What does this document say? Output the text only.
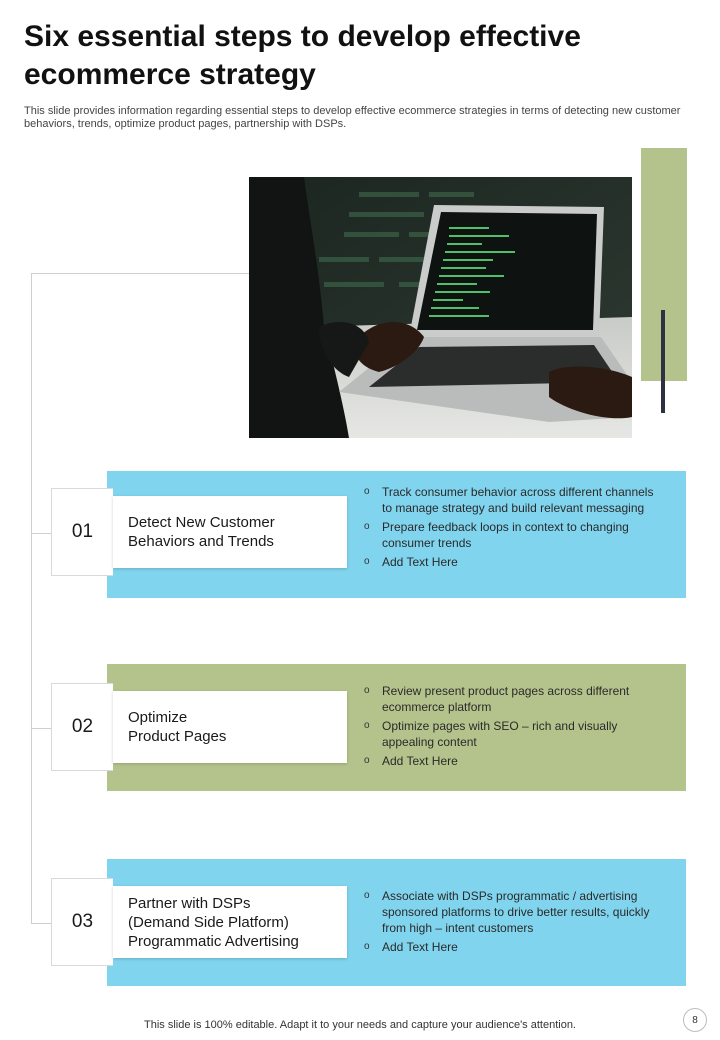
Six essential steps to develop effective ecommerce strategy
This slide provides information regarding essential steps to develop effective ecommerce strategies in terms of detecting new customer behaviors, trends, optimize product pages, partnership with DSPs.
01	Detect New Customer
Behaviors and Trends
o Track consumer behavior across different channels to manage strategy and build relevant messaging
o Prepare feedback loops in context to changing consumer trends
o Add Text Here
02	Optimize
Product Pages
o Review present product pages across different ecommerce platform
o Optimize pages with SEO – rich and visually appealing content
o Add Text Here
03
Partner with DSPs
(Demand Side Platform)
Programmatic Advertising
o Associate with DSPs programmatic / advertising sponsored platforms to drive better results, quickly from high – intent customers
o Add Text Here
This slide is 100% editable. Adapt it to your needs and capture your audience's attention.	8
